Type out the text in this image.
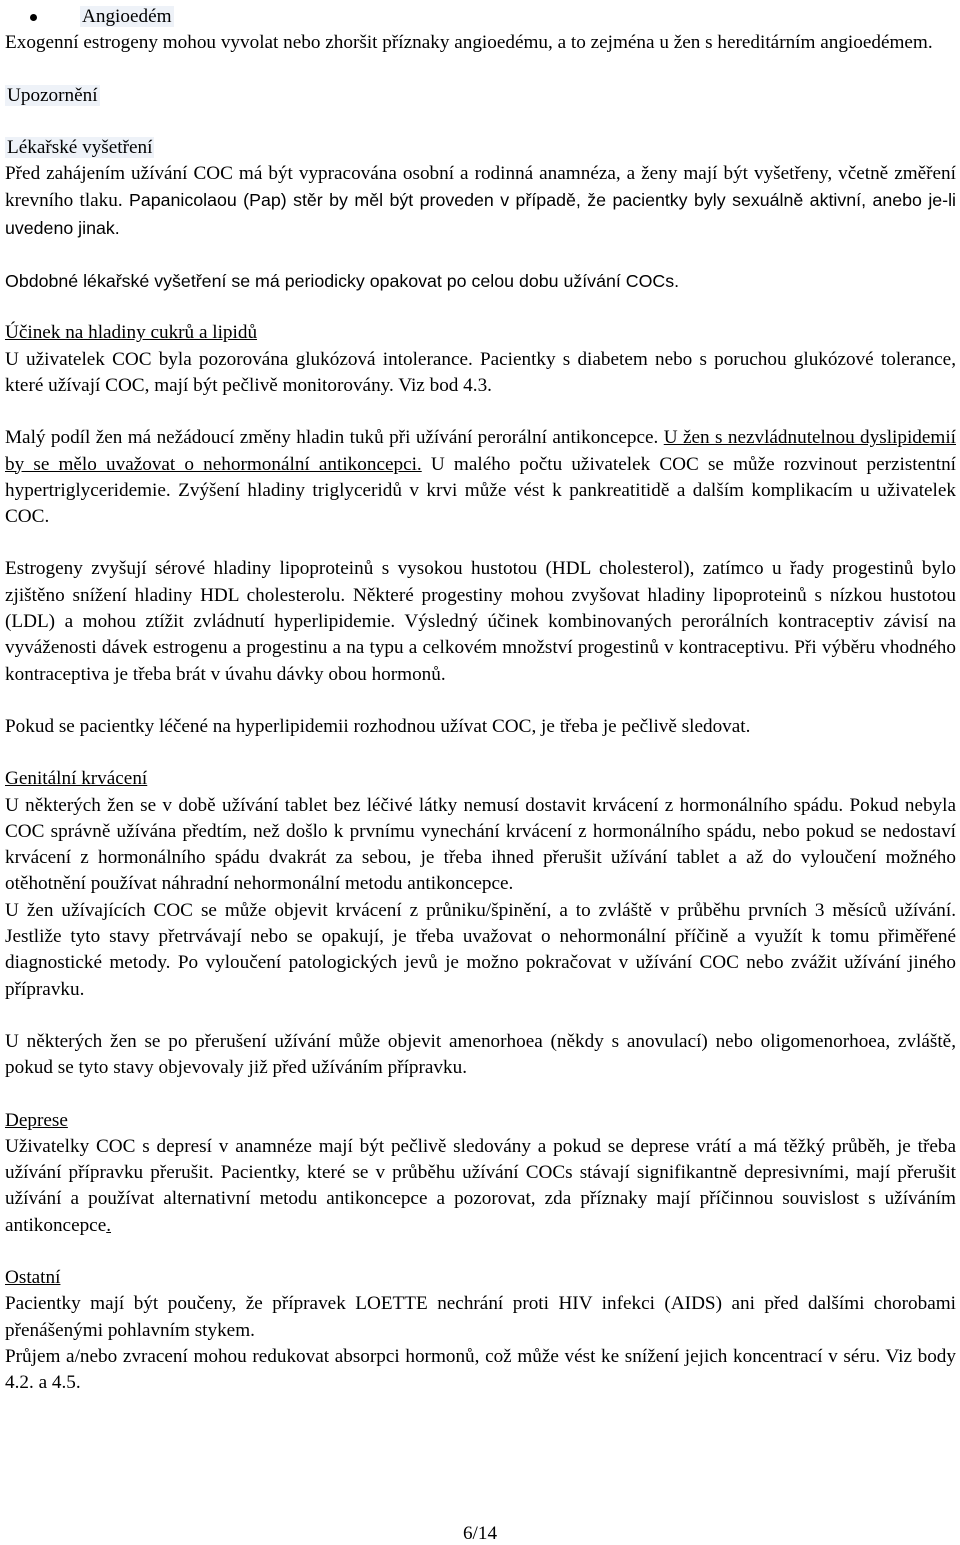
Angioedém

Exogenní estrogeny mohou vyvolat nebo zhoršit příznaky angioedému, a to zejména u žen s hereditárním angioedémem.

Upozornění

Lékařské vyšetření

Před zahájením užívání COC má být vypracována osobní a rodinná anamnéza, a ženy mají být vyšetřeny, včetně změření krevního tlaku. Papanicolaou (Pap) stěr by měl být proveden v případě, že pacientky byly sexuálně aktivní, anebo je-li uvedeno jinak.

Obdobné lékařské vyšetření se má periodicky opakovat po celou dobu užívání COCs.

Účinek na hladiny cukrů a lipidů

U uživatelek COC byla pozorována glukózová intolerance. Pacientky s diabetem nebo s poruchou glukózové tolerance, které užívají COC, mají být pečlivě monitorovány. Viz bod 4.3.

Malý podíl žen má nežádoucí změny hladin tuků při užívání perorální antikoncepce. U žen s nezvládnutelnou dyslipidemií by se mělo uvažovat o nehormonální antikoncepci. U malého počtu uživatelek COC se může rozvinout perzistentní hypertriglyceridemie. Zvýšení hladiny triglyceridů v krvi může vést k pankreatitidě a dalším komplikacím u uživatelek COC.

Estrogeny zvyšují sérové hladiny lipoproteinů s vysokou hustotou (HDL cholesterol), zatímco u řady progestinů bylo zjištěno snížení hladiny HDL cholesterolu. Některé progestiny mohou zvyšovat hladiny lipoproteinů s nízkou hustotou (LDL) a mohou ztížit zvládnutí hyperlipidemie. Výsledný účinek kombinovaných perorálních kontraceptiv závisí na vyváženosti dávek estrogenu a progestinu a na typu a celkovém množství progestinů v kontraceptivu. Při výběru vhodného kontraceptiva je třeba brát v úvahu dávky obou hormonů.

Pokud se pacientky léčené na hyperlipidemii rozhodnou užívat COC, je třeba je pečlivě sledovat.

Genitální krvácení

U některých žen se v době užívání tablet bez léčivé látky nemusí dostavit krvácení z hormonálního spádu. Pokud nebyla COC správně užívána předtím, než došlo k prvnímu vynechání krvácení z hormonálního spádu, nebo pokud se nedostaví krvácení z hormonálního spádu dvakrát za sebou, je třeba ihned přerušit užívání tablet a až do vyloučení možného otěhotnění používat náhradní nehormonální metodu antikoncepce.

U žen užívajících COC se může objevit krvácení z průniku/špinění, a to zvláště v průběhu prvních 3 měsíců užívání. Jestliže tyto stavy přetrvávají nebo se opakují, je třeba uvažovat o nehormonální příčině a využít k tomu přiměřené diagnostické metody. Po vyloučení patologických jevů je možno pokračovat v užívání COC nebo zvážit užívání jiného přípravku.

U některých žen se po přerušení užívání může objevit amenorhoea (někdy s anovulací) nebo oligomenorhoea, zvláště, pokud se tyto stavy objevovaly již před užíváním přípravku.

Deprese

Uživatelky COC s depresí v anamnéze mají být pečlivě sledovány a pokud se deprese vrátí a má těžký průběh, je třeba užívání přípravku přerušit. Pacientky, které se v průběhu užívání COCs stávají signifikantně depresivními, mají přerušit užívání a používat alternativní metodu antikoncepce a pozorovat, zda příznaky mají příčinnou souvislost s užíváním antikoncepce.

Ostatní

Pacientky mají být poučeny, že přípravek LOETTE nechrání proti HIV infekci (AIDS) ani před dalšími chorobami přenášenými pohlavním stykem.

Průjem a/nebo zvracení mohou redukovat absorpci hormonů, což může vést ke snížení jejich koncentrací v séru. Viz body 4.2. a 4.5.

6/14
